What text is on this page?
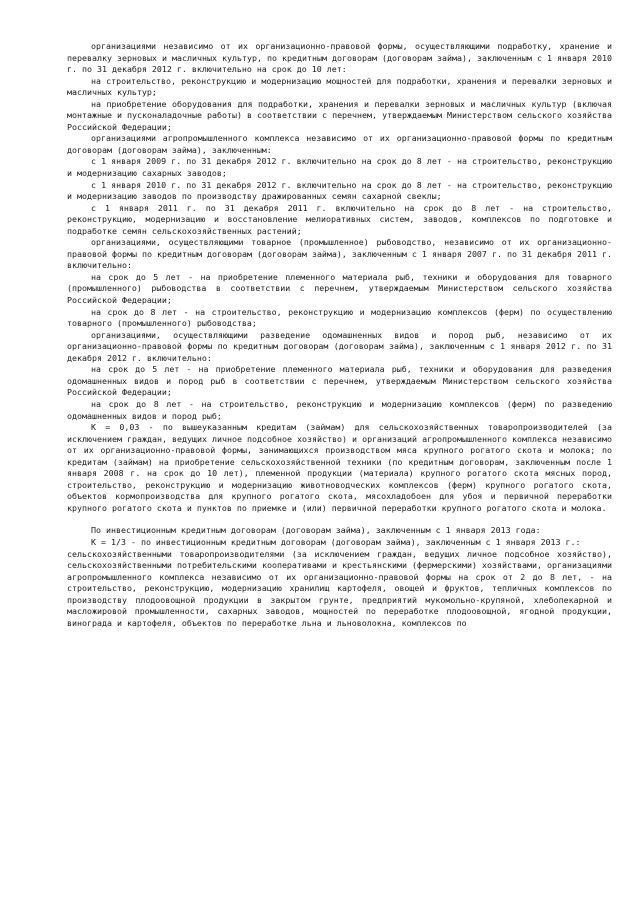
организациями независимо от их организационно-правовой формы, осуществляющими подработку, хранение и перевалку зерновых и масличных культур, по кредитным договорам (договорам займа), заключенным с 1 января 2010 г. по 31 декабря 2012 г. включительно на срок до 10 лет:

на строительство, реконструкцию и модернизацию мощностей для подработки, хранения и перевалки зерновых и масличных культур;

на приобретение оборудования для подработки, хранения и перевалки зерновых и масличных культур (включая монтажные и пусконаладочные работы) в соответствии с перечнем, утверждаемым Министерством сельского хозяйства Российской Федерации;

организациями агропромышленного комплекса независимо от их организационно-правовой формы по кредитным договорам (договорам займа), заключенным:

с 1 января 2009 г. по 31 декабря 2012 г. включительно на срок до 8 лет - на строительство, реконструкцию и модернизацию сахарных заводов;

с 1 января 2010 г. по 31 декабря 2012 г. включительно на срок до 8 лет - на строительство, реконструкцию и модернизацию заводов по производству дражированных семян сахарной свеклы;

с 1 января 2011 г. по 31 декабря 2011 г. включительно на срок до 8 лет - на строительство, реконструкцию, модернизацию и восстановление мелиоративных систем, заводов, комплексов по подготовке и подработке семян сельскохозяйственных растений;

организациями, осуществляющими товарное (промышленное) рыбоводство, независимо от их организационно-правовой формы по кредитным договорам (договорам займа), заключенным с 1 января 2007 г. по 31 декабря 2011 г. включительно:

на срок до 5 лет - на приобретение племенного материала рыб, техники и оборудования для товарного (промышленного) рыбоводства в соответствии с перечнем, утверждаемым Министерством сельского хозяйства Российской Федерации;

на срок до 8 лет - на строительство, реконструкцию и модернизацию комплексов (ферм) по осуществлению товарного (промышленного) рыбоводства;

организациями, осуществляющими разведение одомашненных видов и пород рыб, независимо от их организационно-правовой формы по кредитным договорам (договорам займа), заключенным с 1 января 2012 г. по 31 декабря 2012 г. включительно:

на срок до 5 лет - на приобретение племенного материала рыб, техники и оборудования для разведения одомашненных видов и пород рыб в соответствии с перечнем, утверждаемым Министерством сельского хозяйства Российской Федерации;

на срок до 8 лет - на строительство, реконструкцию и модернизацию комплексов (ферм) по разведению одомашненных видов и пород рыб;

К = 0,03 - по вышеуказанным кредитам (займам) для сельскохозяйственных товаропроизводителей (за исключением граждан, ведущих личное подсобное хозяйство) и организаций агропромышленного комплекса независимо от их организационно-правовой формы, занимающихся производством мяса крупного рогатого скота и молока; по кредитам (займам) на приобретение сельскохозяйственной техники (по кредитным договорам, заключенным после 1 января 2008 г. на срок до 10 лет), племенной продукции (материала) крупного рогатого скота мясных пород, строительство, реконструкцию и модернизацию животноводческих комплексов (ферм) крупного рогатого скота, объектов кормопроизводства для крупного рогатого скота, мясохладобоен для убоя и первичной переработки крупного рогатого скота и пунктов по приемке и (или) первичной переработки крупного рогатого скота и молока.

По инвестиционным кредитным договорам (договорам займа), заключенным с 1 января 2013 года:

К = 1/3 - по инвестиционным кредитным договорам (договорам займа), заключенным с 1 января 2013 г.:

сельскохозяйственными товаропроизводителями (за исключением граждан, ведущих личное подсобное хозяйство), сельскохозяйственными потребительскими кооперативами и крестьянскими (фермерскими) хозяйствами, организациями агропромышленного комплекса независимо от их организационно-правовой формы на срок от 2 до 8 лет, - на строительство, реконструкцию, модернизацию хранилищ картофеля, овощей и фруктов, тепличных комплексов по производству плодоовощной продукции в закрытом грунте, предприятий мукомольно-крупяной, хлебопекарной и масложировой промышленности, сахарных заводов, мощностей по переработке плодоовощной, ягодной продукции, винограда и картофеля, объектов по переработке льна и льноволокна, комплексов по
